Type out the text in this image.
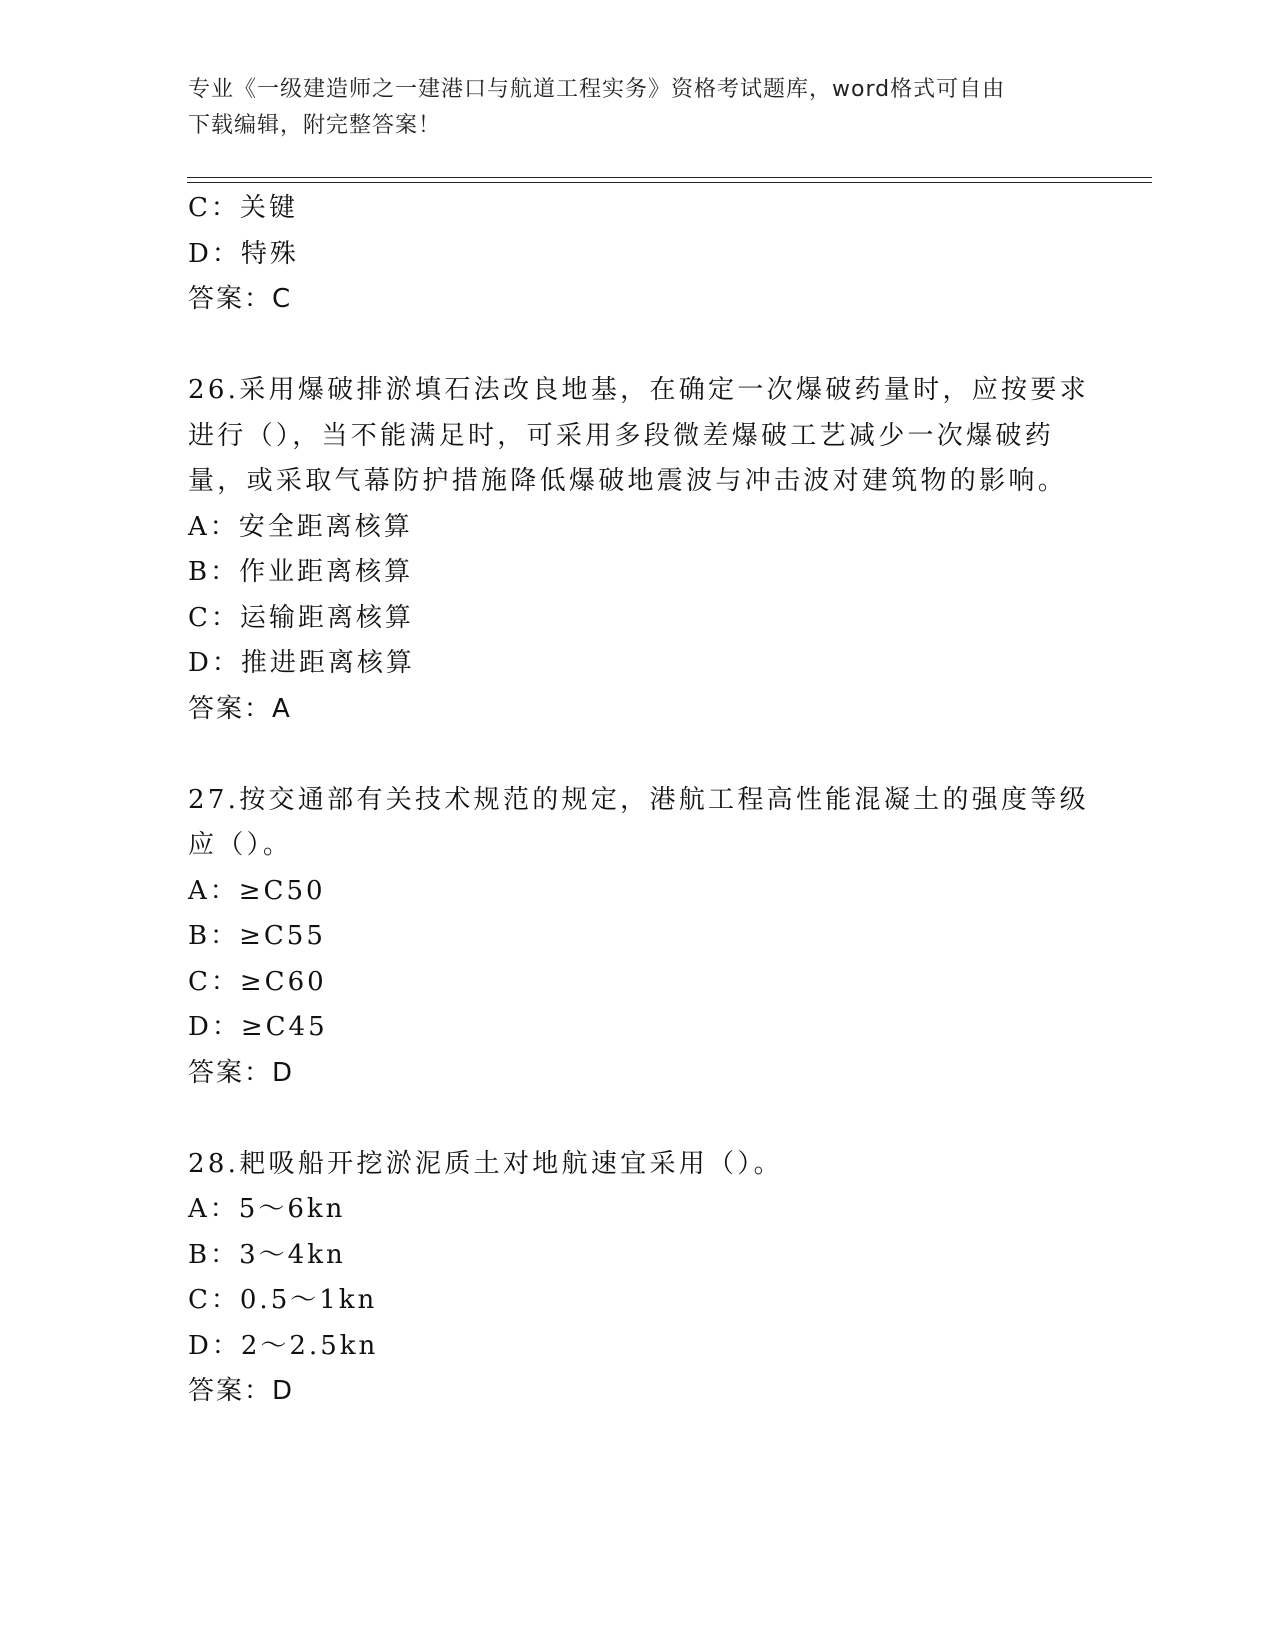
专业《一级建造师之一建港口与航道工程实务》资格考试题库，word格式可自由
下载编辑，附完整答案！
C：关键
D：特殊
答案：C
26.采用爆破排淤填石法改良地基，在确定一次爆破药量时，应按要求
进行（），当不能满足时，可采用多段微差爆破工艺减少一次爆破药
量，或采取气幕防护措施降低爆破地震波与冲击波对建筑物的影响。
A：安全距离核算
B：作业距离核算
C：运输距离核算
D：推进距离核算
答案：A
27.按交通部有关技术规范的规定，港航工程高性能混凝土的强度等级
应（）。
A：≥C50
B：≥C55
C：≥C60
D：≥C45
答案：D
28.耙吸船开挖淤泥质土对地航速宜采用（）。
A：5～6kn
B：3～4kn
C：0.5～1kn
D：2～2.5kn
答案：D
